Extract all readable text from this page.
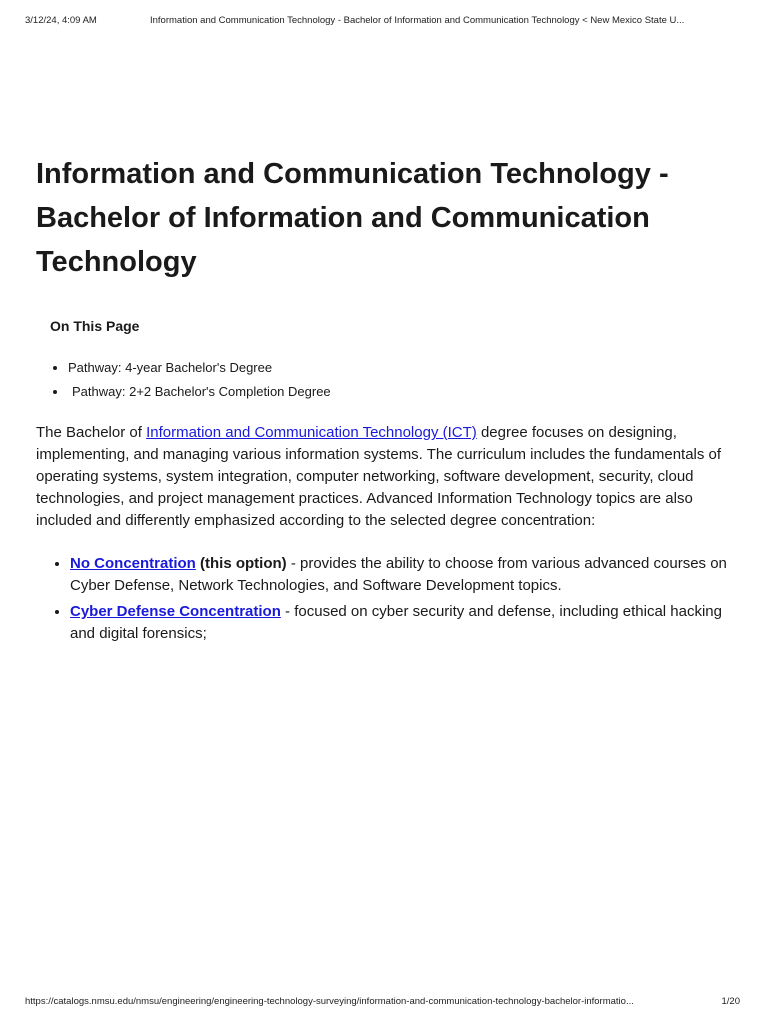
3/12/24, 4:09 AM	Information and Communication Technology - Bachelor of Information and Communication Technology < New Mexico State U...
Information and Communication Technology - Bachelor of Information and Communication Technology
On This Page
• Pathway: 4-year Bachelor's Degree
• Pathway: 2+2 Bachelor's Completion Degree

The Bachelor of Information and Communication Technology (ICT) degree focuses on designing, implementing, and managing various information systems. The curriculum includes the fundamentals of operating systems, system integration, computer networking, software development, security, cloud technologies, and project management practices. Advanced Information Technology topics are also included and differently emphasized according to the selected degree concentration:

• No Concentration (this option) - provides the ability to choose from various advanced courses on Cyber Defense, Network Technologies, and Software Development topics.
• Cyber Defense Concentration - focused on cyber security and defense, including ethical hacking and digital forensics;
https://catalogs.nmsu.edu/nmsu/engineering/engineering-technology-surveying/information-and-communication-technology-bachelor-informatio...	1/20
